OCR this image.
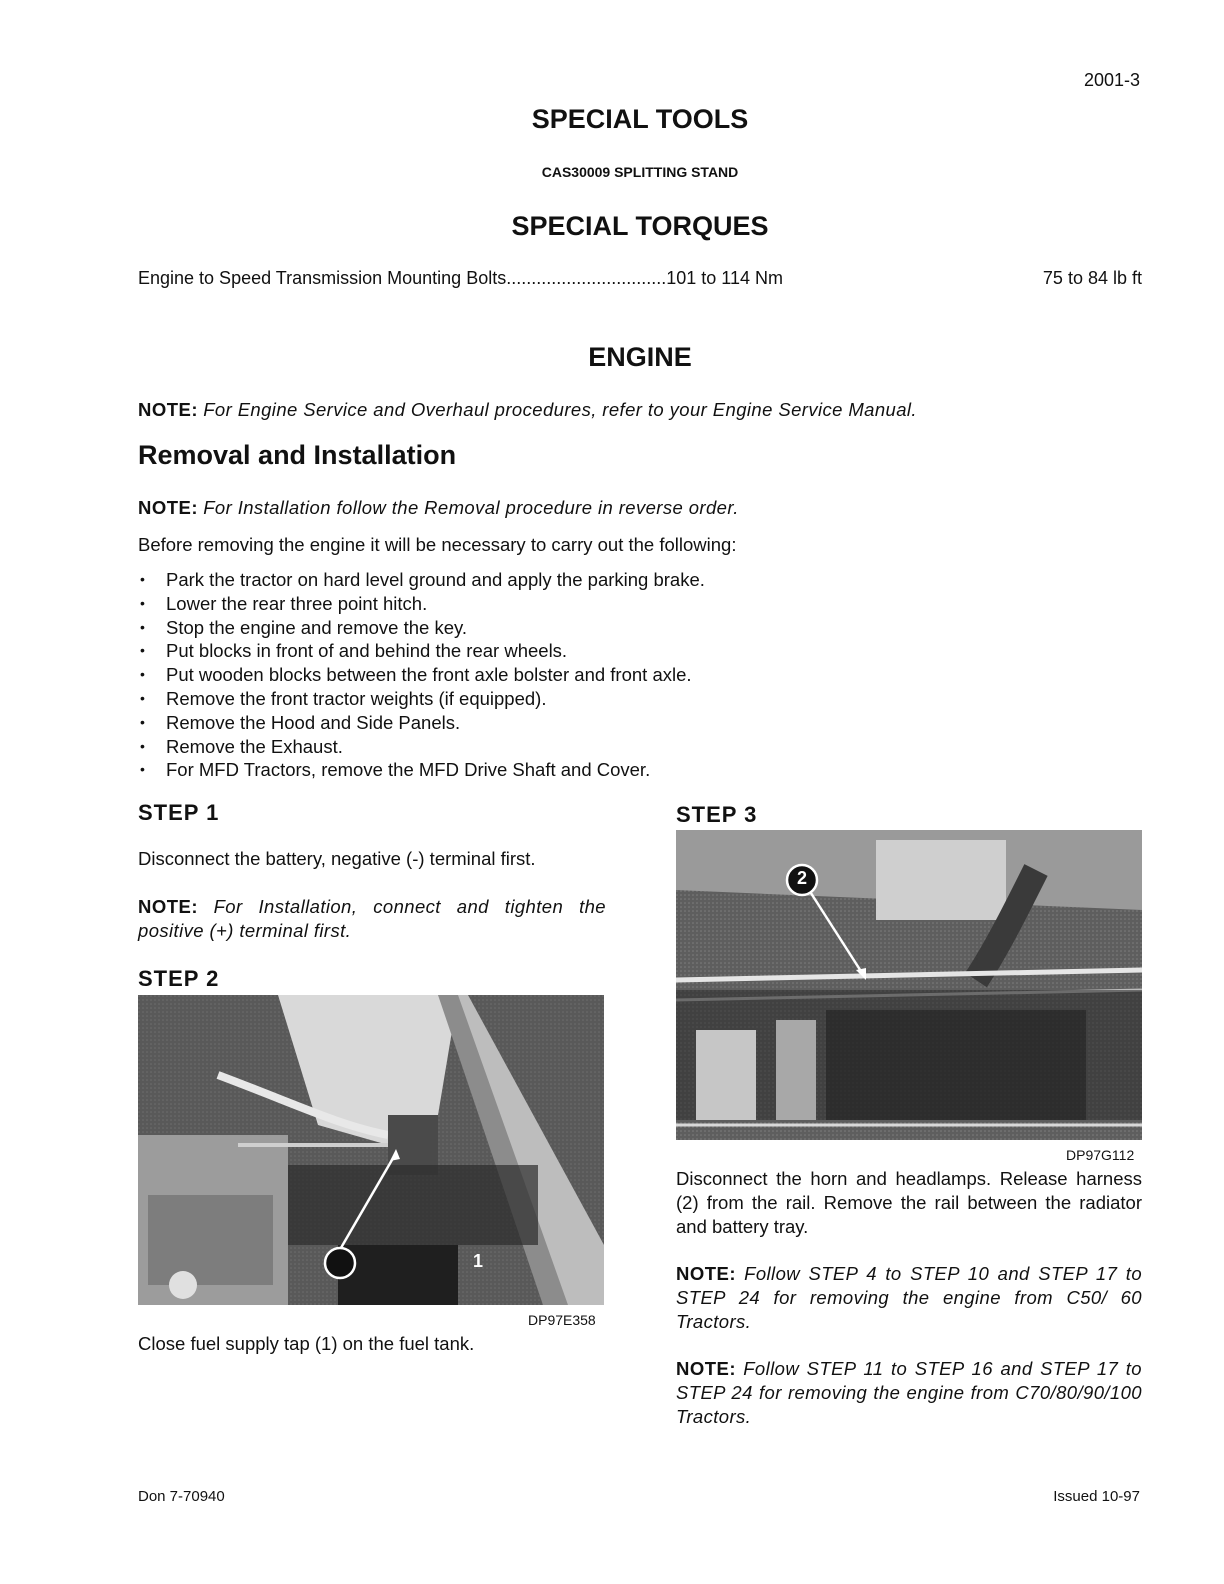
2001-3
SPECIAL TOOLS
CAS30009 SPLITTING STAND
SPECIAL TORQUES
Engine to Speed Transmission Mounting Bolts................................101 to 114 Nm	75 to 84 lb ft
ENGINE
NOTE: For Engine Service and Overhaul procedures, refer to your Engine Service Manual.
Removal and Installation
NOTE: For Installation follow the Removal procedure in reverse order.
Before removing the engine it will be necessary to carry out the following:
• Park the tractor on hard level ground and apply the parking brake.
• Lower the rear three point hitch.
• Stop the engine and remove the key.
• Put blocks in front of and behind the rear wheels.
• Put wooden blocks between the front axle bolster and front axle.
• Remove the front tractor weights (if equipped).
• Remove the Hood and Side Panels.
• Remove the Exhaust.
• For MFD Tractors, remove the MFD Drive Shaft and Cover.
STEP 1
Disconnect the battery, negative (-) terminal first.
NOTE: For Installation, connect and tighten the positive (+) terminal first.
STEP 2
1
DP97E358
Close fuel supply tap (1) on the fuel tank.
STEP 3
2
DP97G112
Disconnect the horn and headlamps. Release harness (2) from the rail. Remove the rail between the radiator and battery tray.
NOTE: Follow STEP 4 to STEP 10 and STEP 17 to STEP 24 for removing the engine from C50/ 60 Tractors.
NOTE: Follow STEP 11 to STEP 16 and STEP 17 to STEP 24 for removing the engine from C70/80/90/100 Tractors.
Don 7-70940	Issued 10-97
